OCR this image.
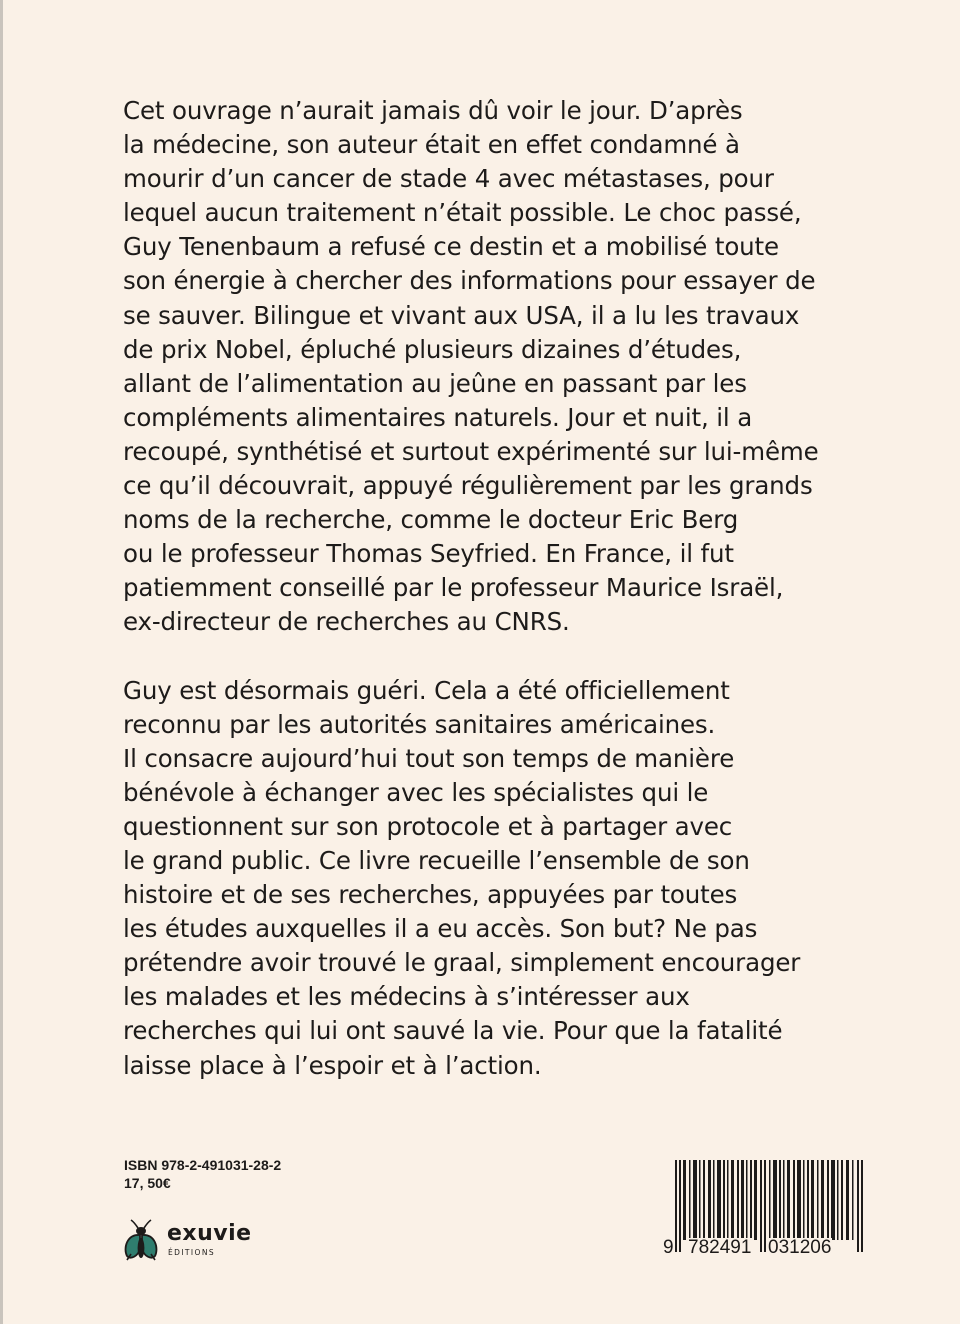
Cet ouvrage n’aurait jamais dû voir le jour. D’après
la médecine, son auteur était en effet condamné à
mourir d’un cancer de stade 4 avec métastases, pour
lequel aucun traitement n’était possible. Le choc passé,
Guy Tenenbaum a refusé ce destin et a mobilisé toute
son énergie à chercher des informations pour essayer de
se sauver. Bilingue et vivant aux USA, il a lu les travaux
de prix Nobel, épluché plusieurs dizaines d’études,
allant de l’alimentation au jeûne en passant par les
compléments alimentaires naturels. Jour et nuit, il a
recoupé, synthétisé et surtout expérimenté sur lui-même
ce qu’il découvrait, appuyé régulièrement par les grands
noms de la recherche, comme le docteur Eric Berg
ou le professeur Thomas Seyfried. En France, il fut
patiemment conseillé par le professeur Maurice Israël,
ex-directeur de recherches au CNRS.

Guy est désormais guéri. Cela a été officiellement
reconnu par les autorités sanitaires américaines.
Il consacre aujourd’hui tout son temps de manière
bénévole à échanger avec les spécialistes qui le
questionnent sur son protocole et à partager avec
le grand public. Ce livre recueille l’ensemble de son
histoire et de ses recherches, appuyées par toutes
les études auxquelles il a eu accès. Son but? Ne pas
prétendre avoir trouvé le graal, simplement encourager
les malades et les médecins à s’intéresser aux
recherches qui lui ont sauvé la vie. Pour que la fatalité
laisse place à l’espoir et à l’action.

ISBN 978-2-491031-28-2
17, 50€
exuvie
ÉDITIONS	9 782491 031206
